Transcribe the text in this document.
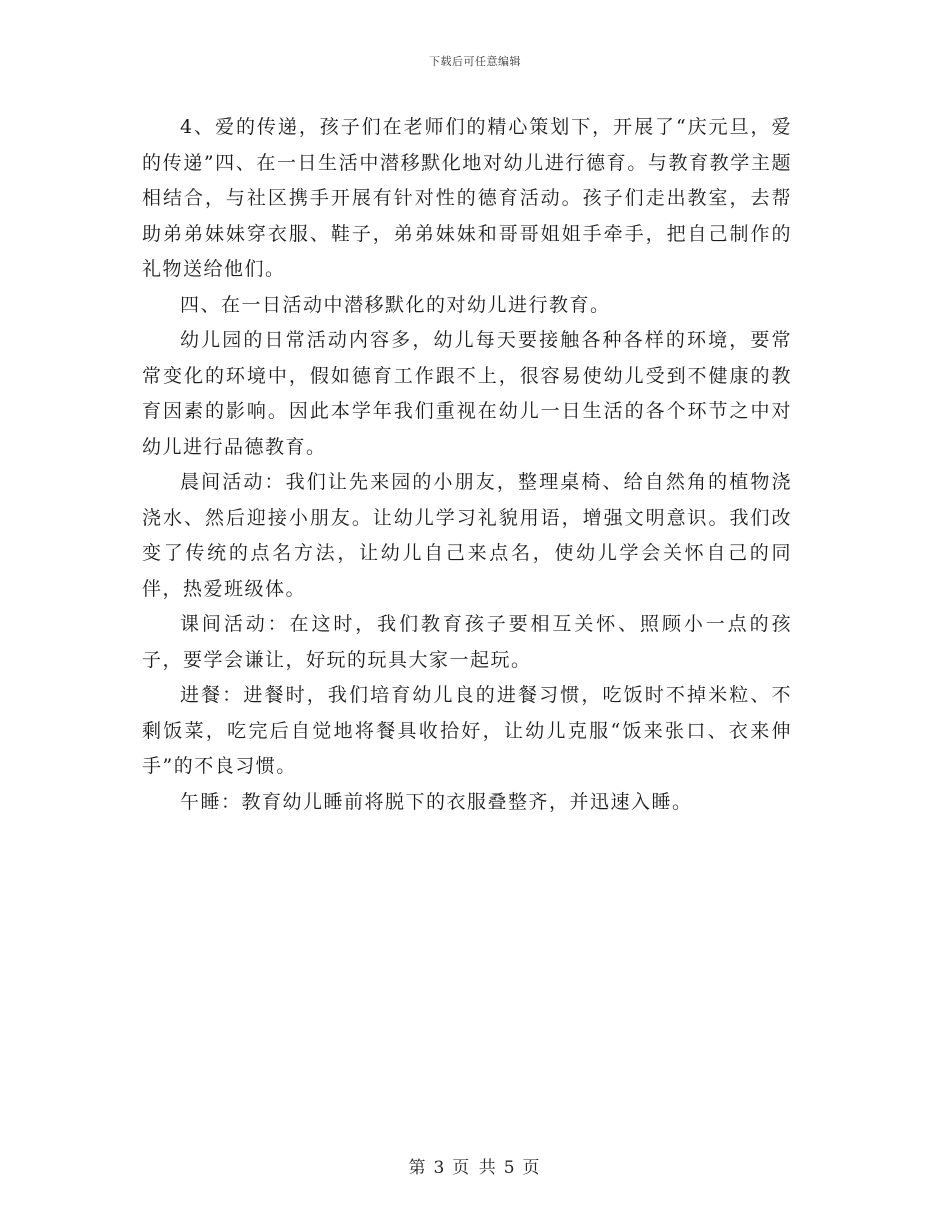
下载后可任意编辑

4、爱的传递，孩子们在老师们的精心策划下，开展了“庆元旦，爱的传递”四、在一日生活中潜移默化地对幼儿进行德育。与教育教学主题相结合，与社区携手开展有针对性的德育活动。孩子们走出教室，去帮助弟弟妹妹穿衣服、鞋子，弟弟妹妹和哥哥姐姐手牵手，把自己制作的礼物送给他们。

四、在一日活动中潜移默化的对幼儿进行教育。

幼儿园的日常活动内容多，幼儿每天要接触各种各样的环境，要常常变化的环境中，假如德育工作跟不上，很容易使幼儿受到不健康的教育因素的影响。因此本学年我们重视在幼儿一日生活的各个环节之中对幼儿进行品德教育。

晨间活动：我们让先来园的小朋友，整理桌椅、给自然角的植物浇浇水、然后迎接小朋友。让幼儿学习礼貌用语，增强文明意识。我们改变了传统的点名方法，让幼儿自己来点名，使幼儿学会关怀自己的同伴，热爱班级体。

课间活动：在这时，我们教育孩子要相互关怀、照顾小一点的孩子，要学会谦让，好玩的玩具大家一起玩。

进餐：进餐时，我们培育幼儿良的进餐习惯，吃饭时不掉米粒、不剩饭菜，吃完后自觉地将餐具收拾好，让幼儿克服“饭来张口、衣来伸手”的不良习惯。

午睡：教育幼儿睡前将脱下的衣服叠整齐，并迅速入睡。

第 3 页 共 5 页
